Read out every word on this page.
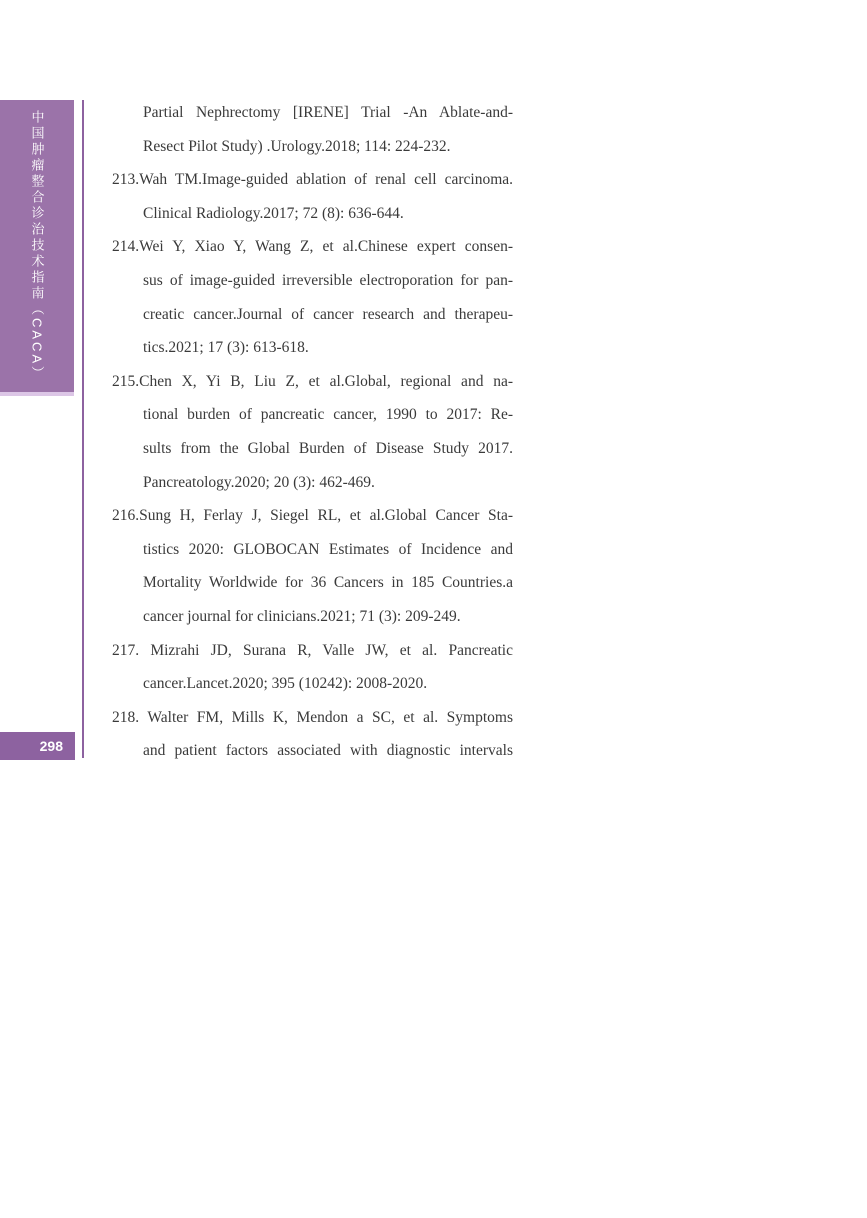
中国肿瘤整合诊治技术指南（CACA）
298
Partial Nephrectomy [IRENE] Trial -An Ablate-and-
Resect Pilot Study) .Urology.2018; 114: 224-232.
213.Wah TM.Image-guided ablation of renal cell carcinoma.
Clinical Radiology.2017; 72 (8): 636-644.
214.Wei Y, Xiao Y, Wang Z, et al.Chinese expert consen-
sus of image-guided irreversible electroporation for pan-
creatic cancer.Journal of cancer research and therapeu-
tics.2021; 17 (3): 613-618.
215.Chen X, Yi B, Liu Z, et al.Global, regional and na-
tional burden of pancreatic cancer, 1990 to 2017: Re-
sults from the Global Burden of Disease Study 2017.
Pancreatology.2020; 20 (3): 462-469.
216.Sung H, Ferlay J, Siegel RL, et al.Global Cancer Sta-
tistics 2020: GLOBOCAN Estimates of Incidence and
Mortality Worldwide for 36 Cancers in 185 Countries.a
cancer journal for clinicians.2021; 71 (3): 209-249.
217. Mizrahi JD, Surana R, Valle JW, et al. Pancreatic
cancer.Lancet.2020; 395 (10242): 2008-2020.
218. Walter FM, Mills K, Mendon a SC, et al. Symptoms
and patient factors associated with diagnostic intervals
